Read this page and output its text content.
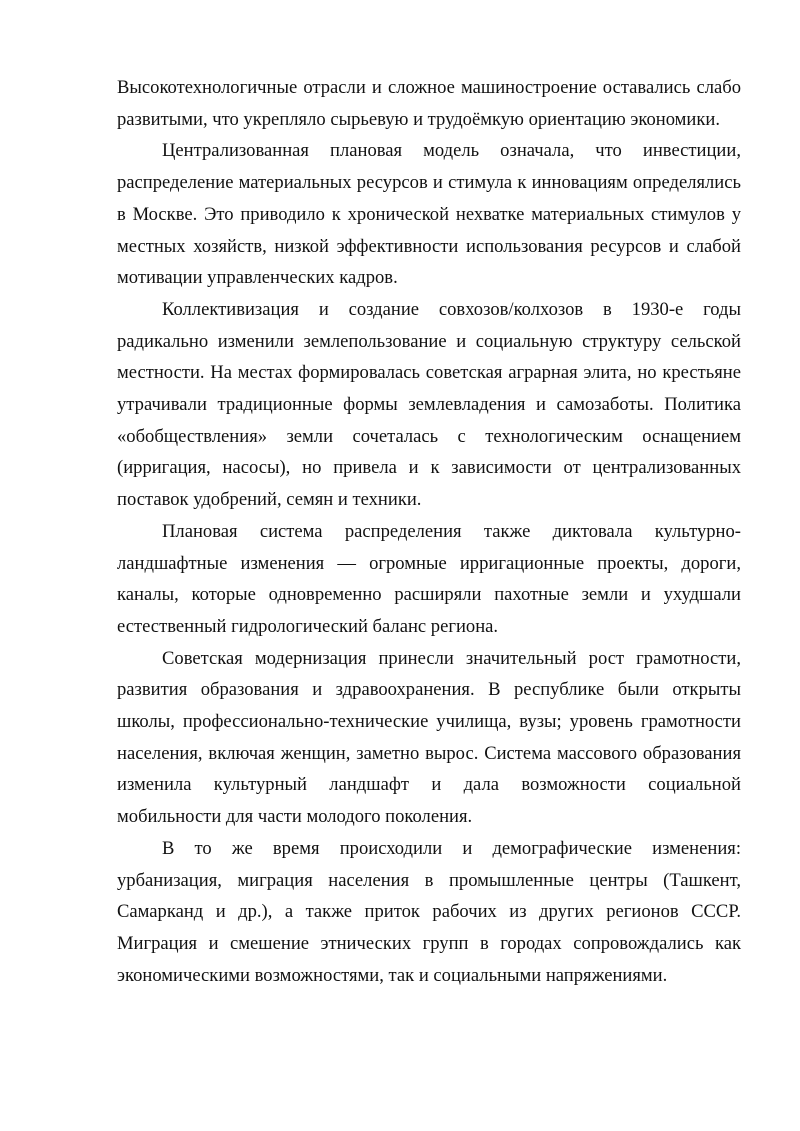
Высокотехнологичные отрасли и сложное машиностроение оставались слабо развитыми, что укрепляло сырьевую и трудоёмкую ориентацию экономики.

Централизованная плановая модель означала, что инвестиции, распределение материальных ресурсов и стимула к инновациям определялись в Москве. Это приводило к хронической нехватке материальных стимулов у местных хозяйств, низкой эффективности использования ресурсов и слабой мотивации управленческих кадров.

Коллективизация и создание совхозов/колхозов в 1930-е годы радикально изменили землепользование и социальную структуру сельской местности. На местах формировалась советская аграрная элита, но крестьяне утрачивали традиционные формы землевладения и самозаботы. Политика «обобществления» земли сочеталась с технологическим оснащением (ирригация, насосы), но привела и к зависимости от централизованных поставок удобрений, семян и техники.

Плановая система распределения также диктовала культурно-ландшафтные изменения — огромные ирригационные проекты, дороги, каналы, которые одновременно расширяли пахотные земли и ухудшали естественный гидрологический баланс региона.

Советская модернизация принесли значительный рост грамотности, развития образования и здравоохранения. В республике были открыты школы, профессионально-технические училища, вузы; уровень грамотности населения, включая женщин, заметно вырос. Система массового образования изменила культурный ландшафт и дала возможности социальной мобильности для части молодого поколения.

В то же время происходили и демографические изменения: урбанизация, миграция населения в промышленные центры (Ташкент, Самарканд и др.), а также приток рабочих из других регионов СССР. Миграция и смешение этнических групп в городах сопровождались как экономическими возможностями, так и социальными напряжениями.
